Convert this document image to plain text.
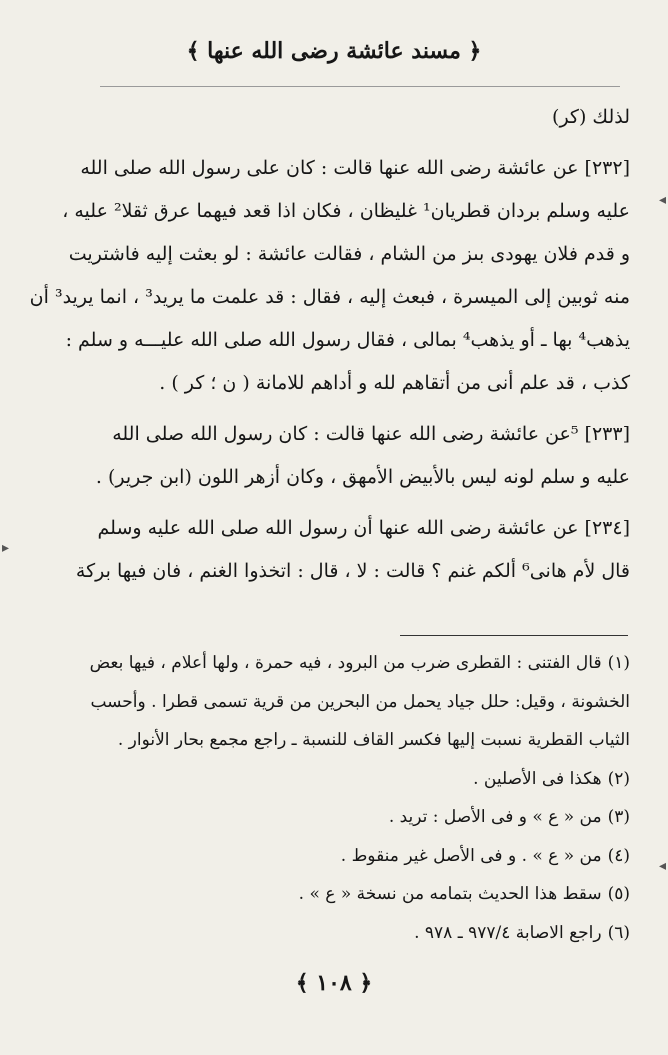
﴿ مسند عائشة رضى الله عنها ﴾

لذلك (كر)

[٢٣٢] عن عائشة رضى الله عنها قالت : كان على رسول الله صلى الله
عليه وسلم بردان قطريان¹ غليظان ، فكان اذا قعد فيهما عرق ثقلا² عليه ،
و قدم فلان يهودى بىز من الشام ، فقالت عائشة : لو بعثت إليه فاشتريت
منه ثوبين إلى الميسرة ، فبعث إليه ، فقال : قد علمت ما يريد³ ، انما يريد³ أن
يذهب⁴ بها ـ أو يذهب⁴ بمالى ، فقال رسول الله صلى الله عليـــه و سلم :
كذب ، قد علم أنى من أتقاهم لله و أداهم للامانة ( ن ؛ كر ) .

[٢٣٣] ⁵عن عائشة رضى الله عنها قالت : كان رسول الله صلى الله
عليه و سلم لونه ليس بالأبيض الأمهق ، وكان أزهر اللون (ابن جرير) .

[٢٣٤] عن عائشة رضى الله عنها أن رسول الله صلى الله عليه وسلم
قال لأم هانى⁶ ألكم غنم ؟ قالت : لا ، قال : اتخذوا الغنم ، فان فيها بركة

(١)قال الفتنى : القطرى ضرب من البرود ، فيه حمرة ، ولها أعلام ، فيها بعض
الخشونة ، وقيل: حلل جياد يحمل من البحرين من قرية تسمى قطرا . وأحسب
الثياب القطرية نسبت إليها فكسر القاف للنسبة ـ راجع مجمع بحار الأنوار .
(٢)هكذا فى الأصلين .
(٣)من « ع » و فى الأصل : تريد .
(٤)من « ع » . و فى الأصل غير منقوط .
(٥)سقط هذا الحديث بتمامه من نسخة « ع » .
(٦)راجع الاصابة ٩٧٧/٤ ـ ٩٧٨ .
﴿ ١٠٨ ﴾
◂
▸
◂
